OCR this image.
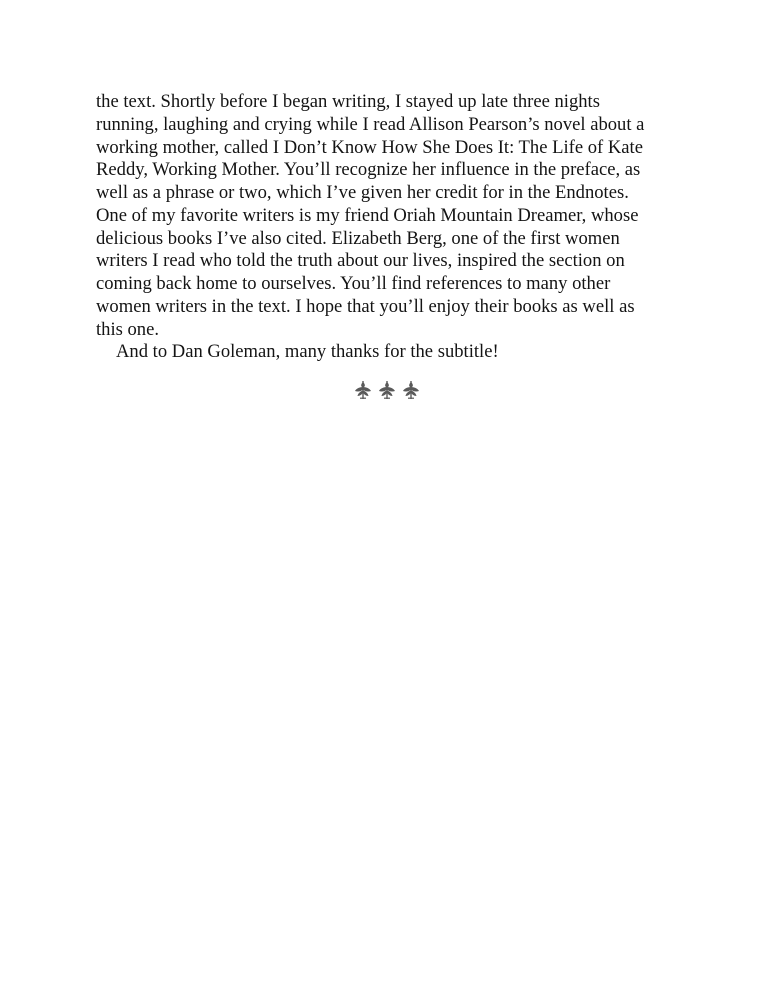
the text. Shortly before I began writing, I stayed up late three nights
running, laughing and crying while I read Allison Pearson’s novel about a
working mother, called I Don’t Know How She Does It: The Life of Kate
Reddy, Working Mother. You’ll recognize her influence in the preface, as
well as a phrase or two, which I’ve given her credit for in the Endnotes.
One of my favorite writers is my friend Oriah Mountain Dreamer, whose
delicious books I’ve also cited. Elizabeth Berg, one of the first women
writers I read who told the truth about our lives, inspired the section on
coming back home to ourselves. You’ll find references to many other
women writers in the text. I hope that you’ll enjoy their books as well as
this one.
And to Dan Goleman, many thanks for the subtitle!
